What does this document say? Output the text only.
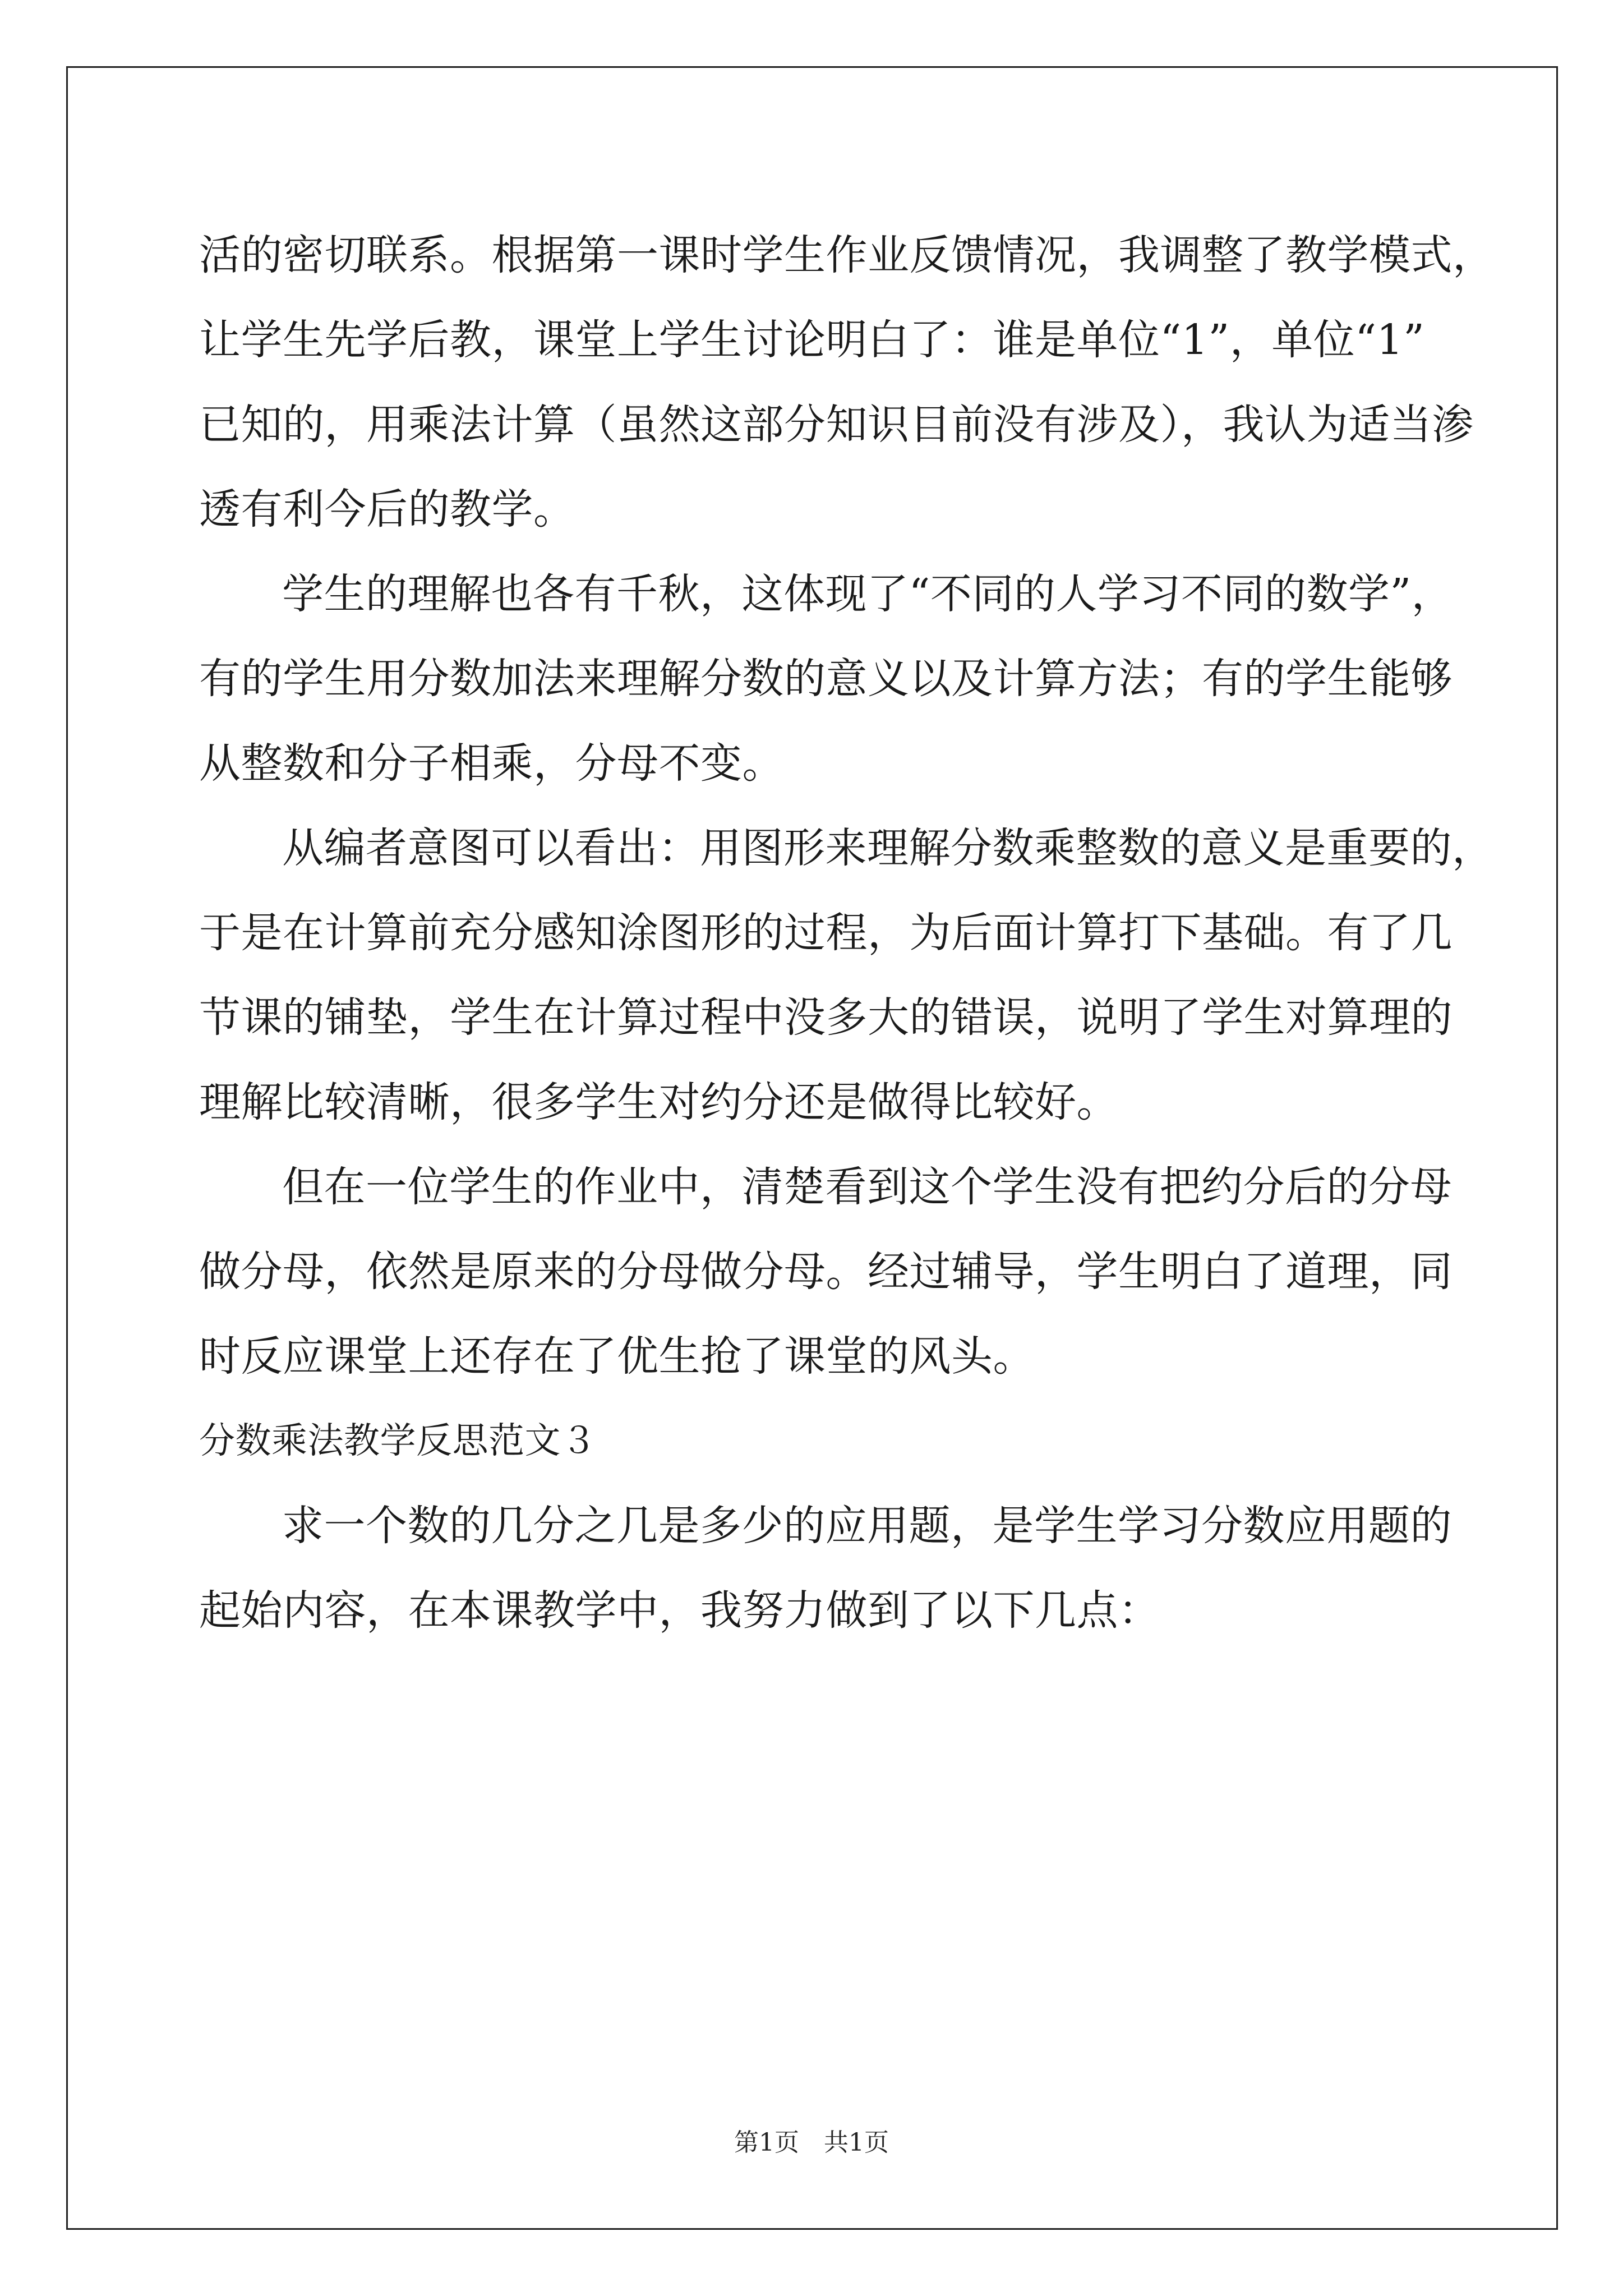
活的密切联系。根据第一课时学生作业反馈情况，我调整了教学模式，
让学生先学后教，课堂上学生讨论明白了：谁是单位“1”，单位“1”
已知的，用乘法计算（虽然这部分知识目前没有涉及），我认为适当渗
透有利今后的教学。
学生的理解也各有千秋，这体现了“不同的人学习不同的数学”，
有的学生用分数加法来理解分数的意义以及计算方法；有的学生能够
从整数和分子相乘，分母不变。
从编者意图可以看出：用图形来理解分数乘整数的意义是重要的，
于是在计算前充分感知涂图形的过程，为后面计算打下基础。有了几
节课的铺垫，学生在计算过程中没多大的错误，说明了学生对算理的
理解比较清晰，很多学生对约分还是做得比较好。
但在一位学生的作业中，清楚看到这个学生没有把约分后的分母
做分母，依然是原来的分母做分母。经过辅导，学生明白了道理，同
时反应课堂上还存在了优生抢了课堂的风头。
分数乘法教学反思范文３
求一个数的几分之几是多少的应用题，是学生学习分数应用题的
起始内容，在本课教学中，我努力做到了以下几点：
第1页　共1页
